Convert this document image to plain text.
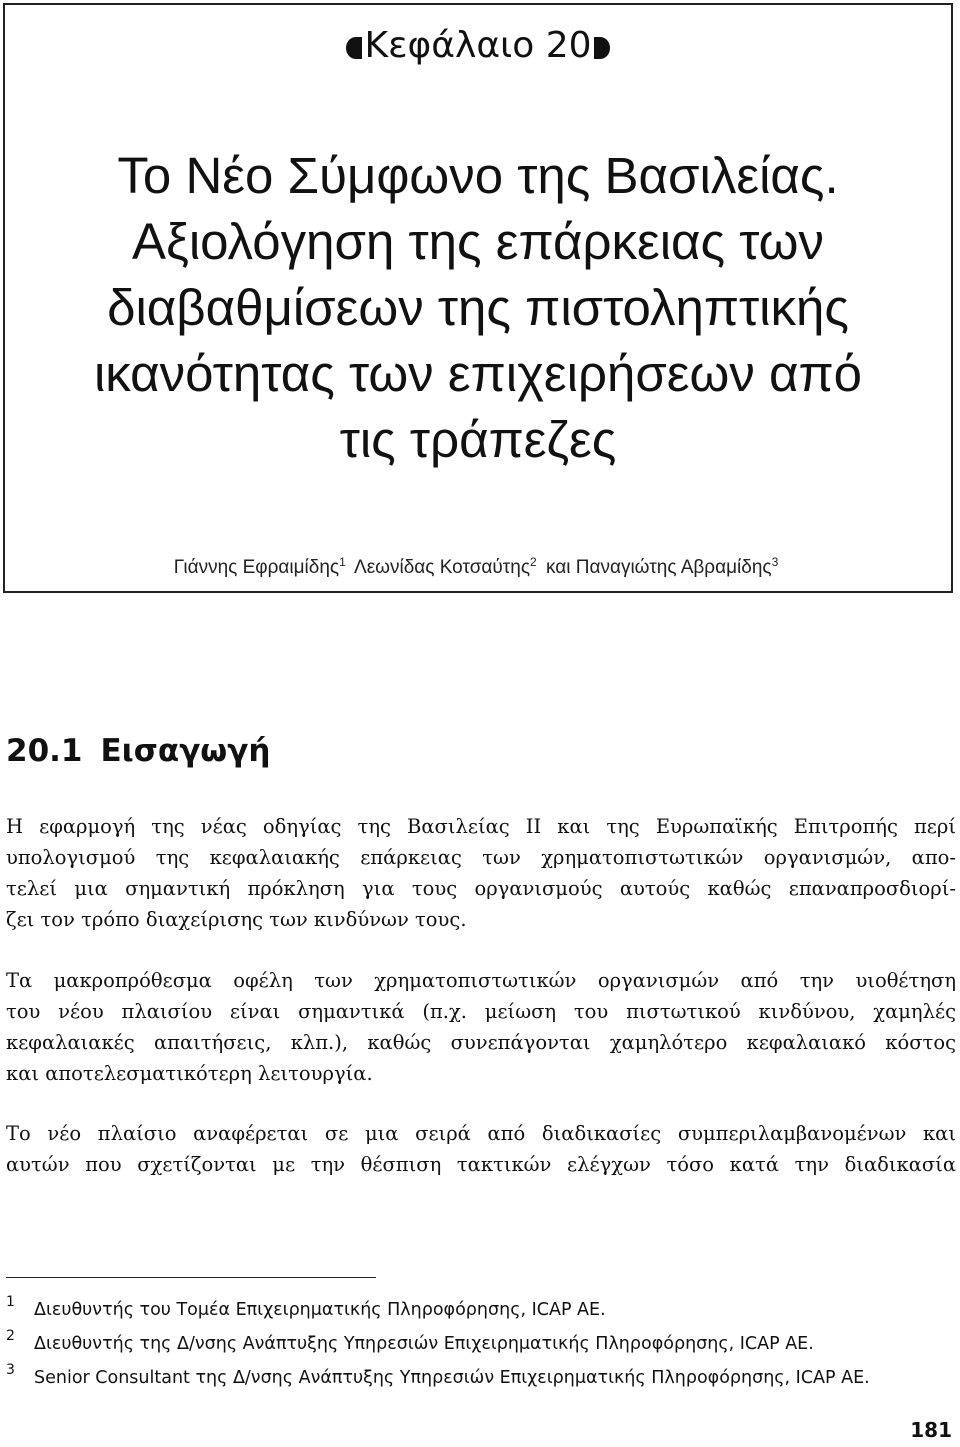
Κεφάλαιο 20
Το Νέο Σύμφωνο της Βασιλείας.
Αξιολόγηση της επάρκειας των
διαβαθμίσεων της πιστοληπτικής
ικανότητας των επιχειρήσεων από
τις τράπεζες
Γιάννης Εφραιμίδης$^1$ Λεωνίδας Κοτσαύτης$^2$ και Παναγιώτης Αβραμίδης$^3$
20.1 Εισαγωγή
Η εφαρμογή της νέας οδηγίας της Βασιλείας ΙΙ και της Ευρωπαϊκής Επιτροπής περί
υπολογισμού της κεφαλαιακής επάρκειας των χρηματοπιστωτικών οργανισμών, απο-
τελεί μια σημαντική πρόκληση για τους οργανισμούς αυτούς καθώς επαναπροσδιορί-
ζει τον τρόπο διαχείρισης των κινδύνων τους.
Τα μακροπρόθεσμα οφέλη των χρηματοπιστωτικών οργανισμών από την υιοθέτηση
του νέου πλαισίου είναι σημαντικά (π.χ. μείωση του πιστωτικού κινδύνου, χαμηλές
κεφαλαιακές απαιτήσεις, κλπ.), καθώς συνεπάγονται χαμηλότερο κεφαλαιακό κόστος
και αποτελεσματικότερη λειτουργία.
Το νέο πλαίσιο αναφέρεται σε μια σειρά από διαδικασίες συμπεριλαμβανομένων και
αυτών που σχετίζονται με την θέσπιση τακτικών ελέγχων τόσο κατά την διαδικασία
1 Διευθυντής του Τομέα Επιχειρηματικής Πληροφόρησης, ICAP AE.
2 Διευθυντής της Δ/νσης Ανάπτυξης Υπηρεσιών Επιχειρηματικής Πληροφόρησης, ICAP AE.
3 Senior Consultant της Δ/νσης Ανάπτυξης Υπηρεσιών Επιχειρηματικής Πληροφόρησης, ICAP AE.
181
